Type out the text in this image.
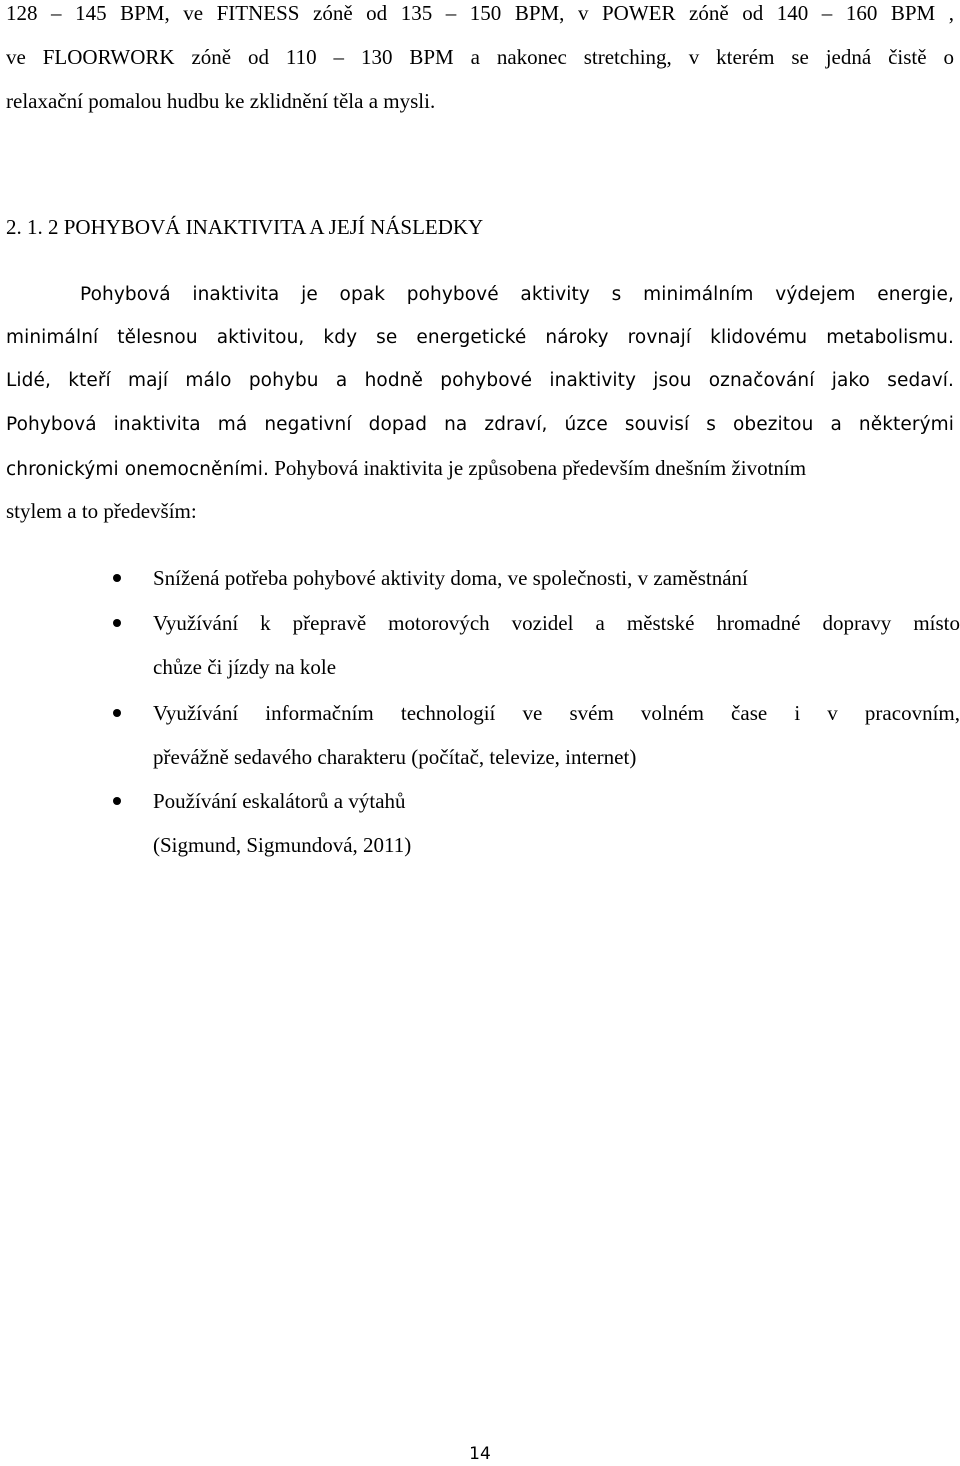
128 – 145 BPM, ve FITNESS zóně od 135 – 150 BPM, v POWER zóně od 140 – 160 BPM ,
ve FLOORWORK zóně od 110 – 130 BPM a nakonec stretching, v kterém se jedná čistě o
relaxační pomalou hudbu ke zklidnění těla a mysli.
2. 1. 2 POHYBOVÁ INAKTIVITA A JEJÍ NÁSLEDKY
Pohybová inaktivita je opak pohybové aktivity s minimálním výdejem energie,
minimální tělesnou aktivitou, kdy se energetické nároky rovnají klidovému metabolismu.
Lidé, kteří mají málo pohybu a hodně pohybové inaktivity jsou označování jako sedaví.
Pohybová inaktivita má negativní dopad na zdraví, úzce souvisí s obezitou a některými
chronickými onemocněními. Pohybová inaktivita je způsobena především dnešním životním
stylem a to především:
Snížená potřeba pohybové aktivity doma, ve společnosti, v zaměstnání
Využívání k přepravě motorových vozidel a městské hromadné dopravy místo
chůze či jízdy na kole
Využívání informačním technologií ve svém volném čase i v pracovním,
převážně sedavého charakteru (počítač, televize, internet)
Používání eskalátorů a výtahů
(Sigmund, Sigmundová, 2011)
14
